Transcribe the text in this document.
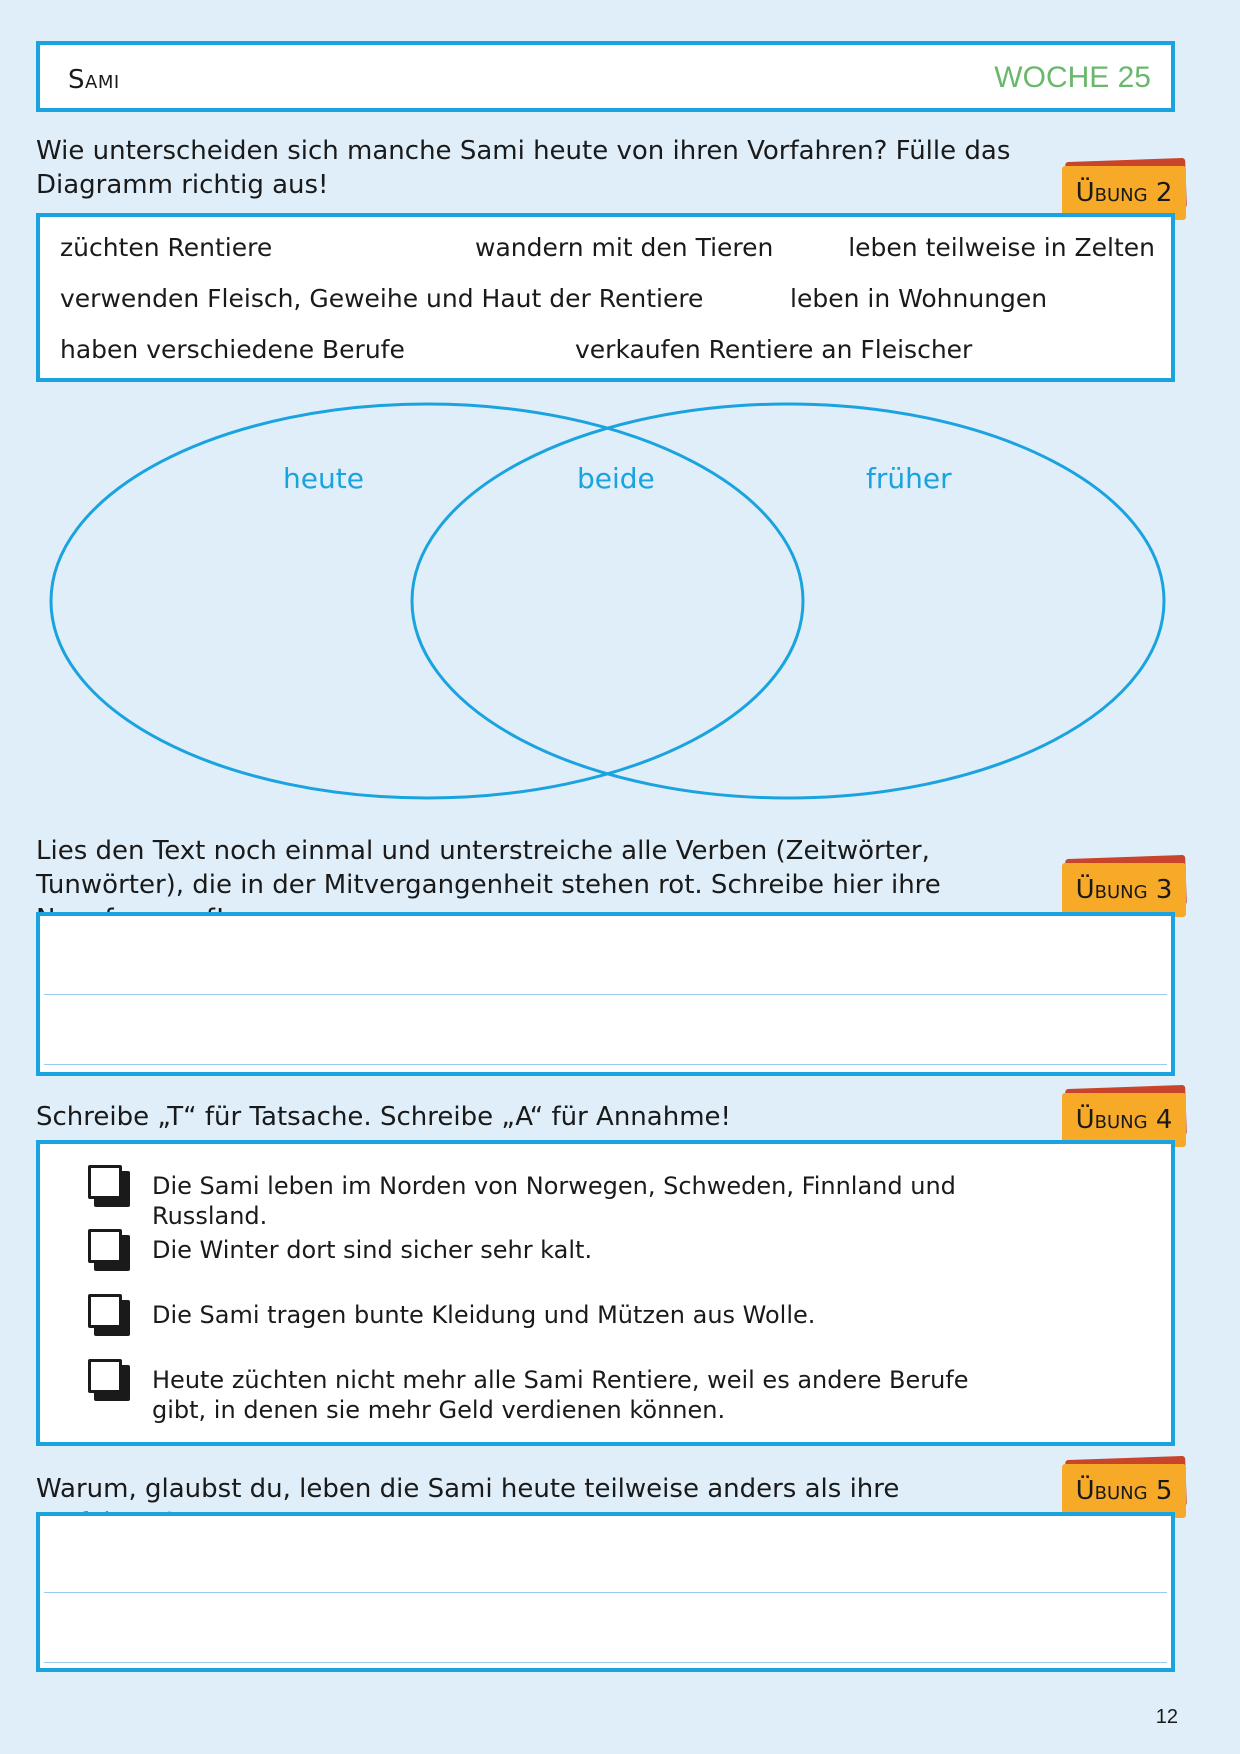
Sami	WOCHE 25
Wie unterscheiden sich manche Sami heute von ihren Vorfahren? Fülle das Diagramm richtig aus!	Übung 2
züchten Rentiere	wandern mit den Tieren	leben teilweise in Zelten
verwenden Fleisch, Geweihe und Haut der Rentiere	leben in Wohnungen
haben verschiedene Berufe	verkaufen Rentiere an Fleischer
heute	beide	früher
Lies den Text noch einmal und unterstreiche alle Verben (Zeitwörter, Tunwörter), die in der Mitvergangenheit stehen rot. Schreibe hier ihre	Übung 3
Schreibe „T“ für Tatsache. Schreibe „A“ für Annahme!	Übung 4
Die Sami leben im Norden von Norwegen, Schweden, Finnland und Russland.
Die Winter dort sind sicher sehr kalt.
Die Sami tragen bunte Kleidung und Mützen aus Wolle.
Heute züchten nicht mehr alle Sami Rentiere, weil es andere Berufe gibt, in denen sie mehr Geld verdienen können.
Warum, glaubst du, leben die Sami heute teilweise anders als ihre	Übung 5
12
